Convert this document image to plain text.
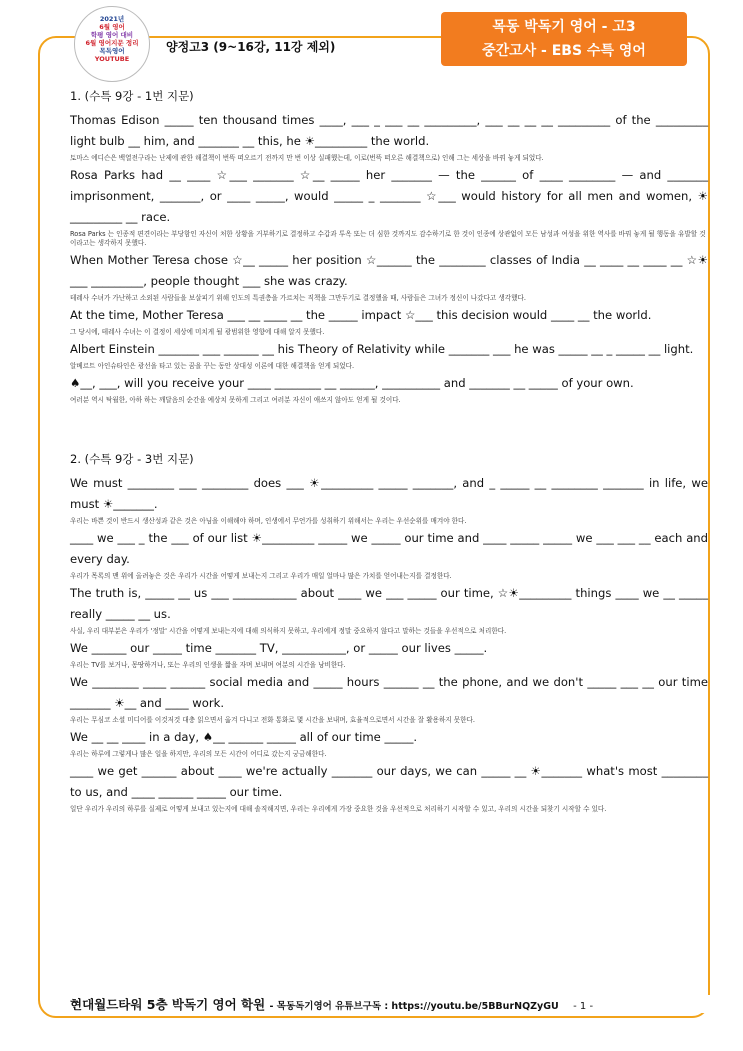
2021년
6월 영어
학평 영어 대비
6월 영어지문 정리
목독영어
YOUTUBE
양정고3 (9~16강, 11강 제외)
목동 박독기 영어 - 고3
중간고사 - EBS 수특 영어
1. (수특 9강 - 1번 지문)
Thomas Edison _____ ten thousand times ____, ___ _ ___ __ _________, ___ __ __ __ _________ of the _________ light bulb __ him, and _______ __ this, he ☀_________ the world.
토마스 에디슨은 백열전구라는 난제에 관한 해결책이 번뜩 떠오르기 전까지 만 번 이상 실패했는데, 이로(번뜩 떠오른 해결책으로) 인해 그는 세상을 바꿔 놓게 되었다.
Rosa Parks had __ ____ ☆___ _______ ☆__ _____ her _______ — the ______ of ____ ________ — and _______ imprisonment, _______, or ____ _____, would _____ _ _______ ☆___ would history for all men and women, ☀_________ __ race.
Rosa Parks 는 인종적 편견이라는 부당함인 자신이 처한 상황을 거부하기로 결정하고 수갑과 투옥 또는 더 심한 것까지도 감수하기로 한 것이 인종에 상관없이 모든 남성과 여성을 위한 역사를 바꿔 놓게 될 행동을 유발할 것이라고는 생각하지 못했다.
When Mother Teresa chose ☆__ _____ her position ☆______ the ________ classes of India __ ____ __ ____ __ ☆☀___ _________, people thought ___ she was crazy.
테레사 수녀가 가난하고 소외된 사람들을 보살피기 위해 인도의 특권층을 가르치는 직책을 그만두기로 결정했을 때, 사람들은 그녀가 정신이 나갔다고 생각했다.
At the time, Mother Teresa ___ __ ____ __ the _____ impact ☆___ this decision would ____ __ the world.
그 당시에, 테레사 수녀는 이 결정이 세상에 미치게 될 광범위한 영향에 대해 알지 못했다.
Albert Einstein _______ ___ ______ __ his Theory of Relativity while _______ ___ he was _____ __ _ _____ __ light.
알베르트 아인슈타인은 광선을 타고 있는 꿈을 꾸는 동안 상대성 이론에 대한 해결책을 얻게 되었다.
♠__, ___, will you receive your ____ ________ __ ______, __________ and _______ __ _____ of your own.
여러분 역시 탁월한, 아하 하는 깨달음의 순간을 예상치 못하게 그리고 여러분 자신이 애쓰지 않아도 얻게 될 것이다.
2. (수특 9강 - 3번 지문)
We must ________ ___ ________ does ___ ☀_________ _____ _______, and _ _____ __ ________ _______ in life, we must ☀_______.
우리는 바쁜 것이 반드시 생산성과 같은 것은 아님을 이해해야 하며, 인생에서 무언가를 성취하기 위해서는 우리는 우선순위를 매겨야 한다.
____ we ___ _ the ___ of our list ☀_________ _____ we _____ our time and ____ _____ _____ we ___ ___ __ each and every day.
우리가 목록의 맨 위에 올려놓은 것은 우리가 시간을 어떻게 보내는지 그리고 우리가 매일 얼마나 많은 가치를 얻어내는지를 결정한다.
The truth is, _____ __ us ___ ___________ about ____ we ___ _____ our time, ☆☀_________ things ____ we __ _____ really _____ __ us.
사실, 우리 대부분은 우리가 '정말' 시간을 어떻게 보내는지에 대해 의식하지 못하고, 우리에게 정말 중요하지 않다고 말하는 것들을 우선적으로 처리한다.
We ______ our _____ time _______ TV, ___________, or _____ our lives _____.
우리는 TV를 보거나, 몽땅하거나, 또는 우리의 인생을 짧을 자며 보내며 여분의 시간을 낭비한다.
We ________ ____ ______ social media and _____ hours ______ __ the phone, and we don't _____ ___ __ our time _______ ☀__ and ____ work.
우리는 무심코 소셜 미디어를 이것저것 대충 읽으면서 옮겨 다니고 전화 통화로 몇 시간을 보내며, 효율적으로면서 시간을 잘 활용하지 못한다.
We __ __ ____ in a day, ♠__ ______ _____ all of our time _____.
우리는 하루에 그렇게나 많은 일을 하지만, 우리의 모든 시간이 어디로 갔는지 궁금해한다.
____ we get ______ about ____ we're actually _______ our days, we can _____ __ ☀_______ what's most ________ to us, and ____ ______ _____ our time.
일단 우리가 우리의 하루를 실제로 어떻게 보내고 있는지에 대해 솔직해지면, 우리는 우리에게 가장 중요한 것을 우선적으로 처리하기 시작할 수 있고, 우리의 시간을 되찾기 시작할 수 있다.
현대월드타워 5층 박독기 영어 학원 - 목동독기영어 유튜브구독 : https://youtu.be/5BBurNQZyGU - 1 -
